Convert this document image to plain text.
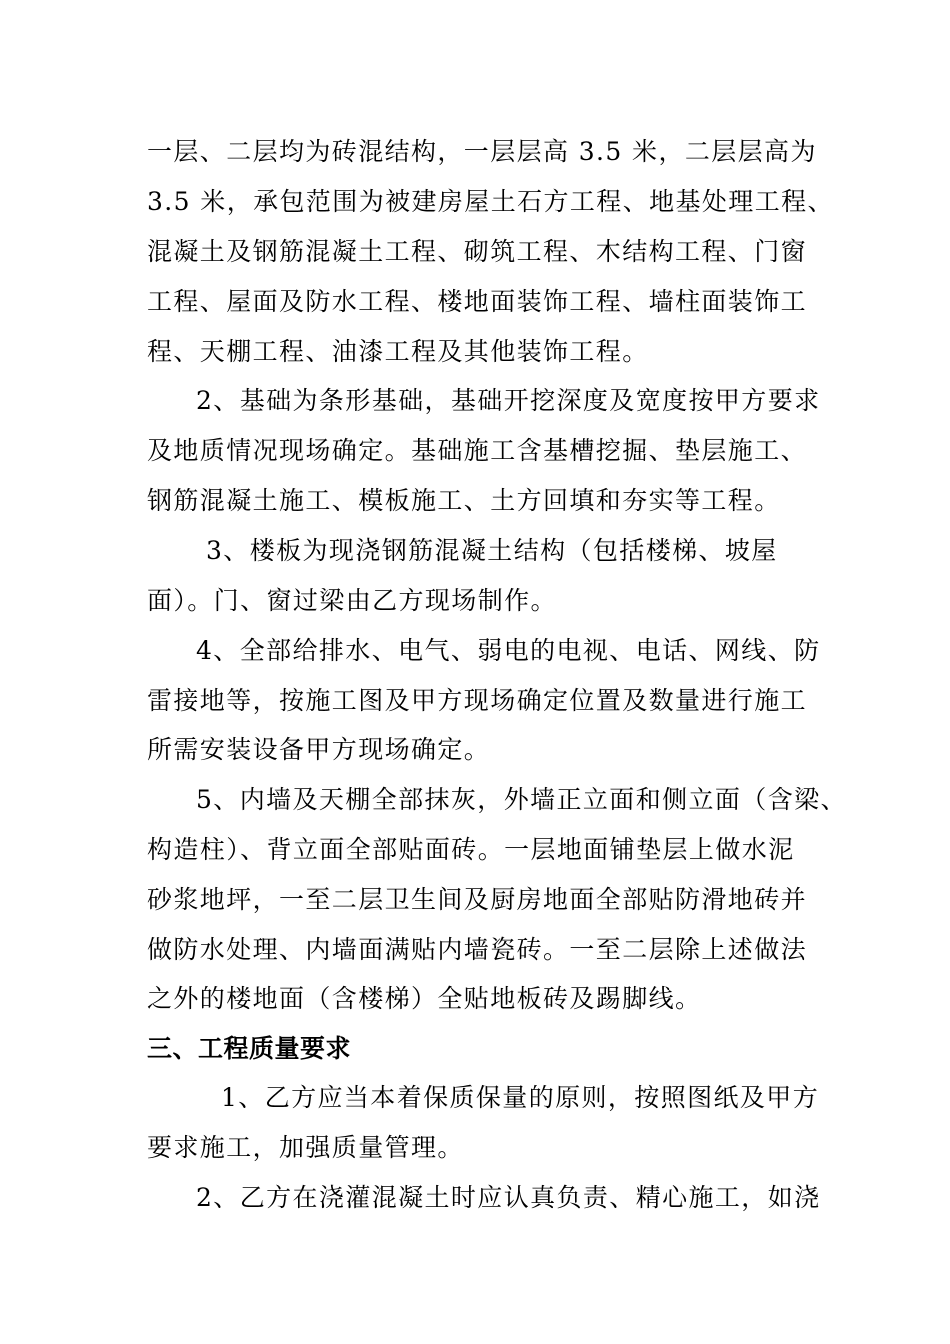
一层、二层均为砖混结构，一层层高 3.5 米，二层层高为
3.5 米，承包范围为被建房屋土石方工程、地基处理工程、
混凝土及钢筋混凝土工程、砌筑工程、木结构工程、门窗
工程、屋面及防水工程、楼地面装饰工程、墙柱面装饰工
程、天棚工程、油漆工程及其他装饰工程。
2、基础为条形基础，基础开挖深度及宽度按甲方要求
及地质情况现场确定。基础施工含基槽挖掘、垫层施工、
钢筋混凝土施工、模板施工、土方回填和夯实等工程。
3、楼板为现浇钢筋混凝土结构（包括楼梯、坡屋
面）。门、窗过梁由乙方现场制作。
4、全部给排水、电气、弱电的电视、电话、网线、防
雷接地等，按施工图及甲方现场确定位置及数量进行施工
所需安装设备甲方现场确定。
5、内墙及天棚全部抹灰，外墙正立面和侧立面（含梁、
构造柱）、背立面全部贴面砖。一层地面铺垫层上做水泥
砂浆地坪，一至二层卫生间及厨房地面全部贴防滑地砖并
做防水处理、内墙面满贴内墙瓷砖。一至二层除上述做法
之外的楼地面（含楼梯）全贴地板砖及踢脚线。
三、工程质量要求
1、乙方应当本着保质保量的原则，按照图纸及甲方
要求施工，加强质量管理。
2、乙方在浇灌混凝土时应认真负责、精心施工，如浇
